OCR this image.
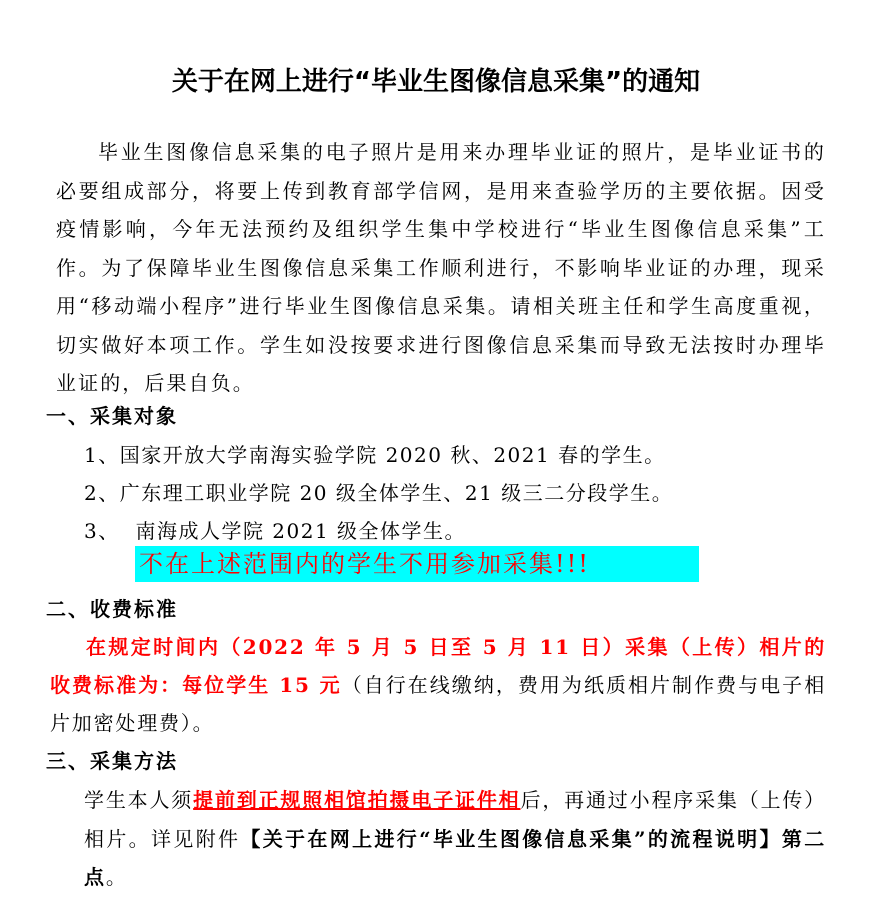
关于在网上进行“毕业生图像信息采集”的通知
毕业生图像信息采集的电子照片是用来办理毕业证的照片，是毕业证书的必要组成部分，将要上传到教育部学信网，是用来查验学历的主要依据。因受疫情影响，今年无法预约及组织学生集中学校进行“毕业生图像信息采集”工作。为了保障毕业生图像信息采集工作顺利进行，不影响毕业证的办理，现采用“移动端小程序”进行毕业生图像信息采集。请相关班主任和学生高度重视，切实做好本项工作。学生如没按要求进行图像信息采集而导致无法按时办理毕业证的，后果自负。
一、采集对象
1、国家开放大学南海实验学院 2020 秋、2021 春的学生。
2、广东理工职业学院 20 级全体学生、21 级三二分段学生。
3、  南海成人学院 2021 级全体学生。
不在上述范围内的学生不用参加采集!!!
二、收费标准
在规定时间内（2022 年 5 月 5 日至 5 月 11 日）采集（上传）相片的收费标准为：每位学生 15 元（自行在线缴纳，费用为纸质相片制作费与电子相片加密处理费）。
三、采集方法
学生本人须提前到正规照相馆拍摄电子证件相后，再通过小程序采集（上传）相片。详见附件【关于在网上进行“毕业生图像信息采集”的流程说明】第二点。
